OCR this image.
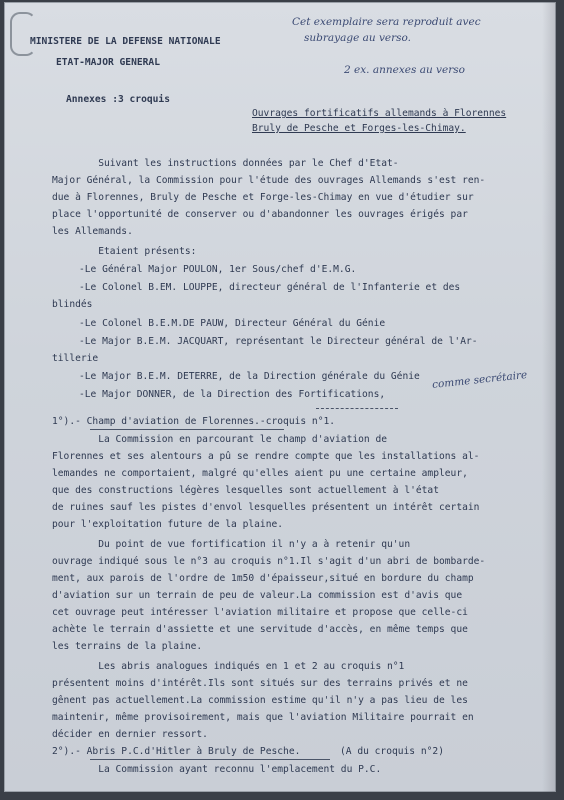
MINISTERE DE LA DEFENSE NATIONALE
ETAT-MAJOR GENERAL
Cet exemplaire sera reproduit avec
subrayage au verso.
2 ex. annexes au verso
Annexes :3 croquis
Ouvrages fortificatifs allemands à Florennes
Bruly de Pesche et Forges-les-Chimay.
Suivant les instructions données par le Chef d'Etat-
Major Général, la Commission pour l'étude des ouvrages Allemands s'est ren-
due à Florennes, Bruly de Pesche et Forge-les-Chimay en vue d'étudier sur
place l'opportunité de conserver ou d'abandonner les ouvrages érigés par
les Allemands.
Etaient présents:
-Le Général Major POULON, 1er Sous/chef d'E.M.G.
-Le Colonel B.EM. LOUPPE, directeur général de l'Infanterie et des
blindés
-Le Colonel B.E.M.DE PAUW, Directeur Général du Génie
-Le Major B.E.M. JACQUART, représentant le Directeur général de l'Ar-
tillerie
-Le Major B.E.M. DETERRE, de la Direction générale du Génie
-Le Major DONNER, de la Direction des Fortifications,
comme secrétaire
1°).- Champ d'aviation de Florennes.-croquis n°1.
La Commission en parcourant le champ d'aviation de
Florennes et ses alentours a pû se rendre compte que les installations al-
lemandes ne comportaient, malgré qu'elles aient pu une certaine ampleur,
que des constructions légères lesquelles sont actuellement à l'état
de ruines sauf les pistes d'envol lesquelles présentent un intérêt certain
pour l'exploitation future de la plaine.
Du point de vue fortification il n'y a à retenir qu'un
ouvrage indiqué sous le n°3 au croquis n°1.Il s'agit d'un abri de bombarde-
ment, aux parois de l'ordre de 1m50 d'épaisseur,situé en bordure du champ
d'aviation sur un terrain de peu de valeur.La commission est d'avis que
cet ouvrage peut intéresser l'aviation militaire et propose que celle-ci
achète le terrain d'assiette et une servitude d'accès, en même temps que
les terrains de la plaine.
Les abris analogues indiqués en 1 et 2 au croquis n°1
présentent moins d'intérêt.Ils sont situés sur des terrains privés et ne
gênent pas actuellement.La commission estime qu'il n'y a pas lieu de les
maintenir, même provisoirement, mais que l'aviation Militaire pourrait en
décider en dernier ressort.
2°).- Abris P.C.d'Hitler à Bruly de Pesche.	(A du croquis n°2)
La Commission ayant reconnu l'emplacement du P.C.
